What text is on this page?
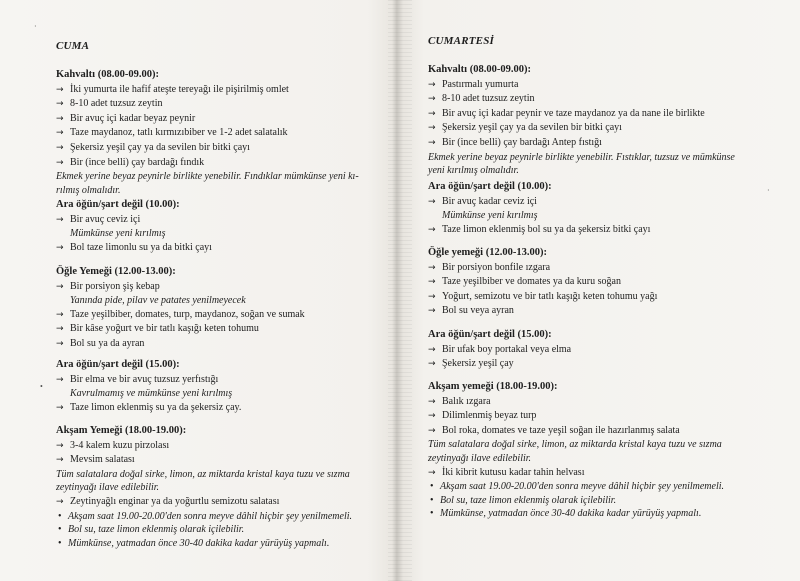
·
•
·
CUMA
Kahvaltı (08.00-09.00):
→ İki yumurta ile hafif ateşte tereyağı ile pişirilmiş omlet
→ 8-10 adet tuzsuz zeytin
→ Bir avuç içi kadar beyaz peynir
→ Taze maydanoz, tatlı kırmızıbiber ve 1-2 adet salatalık
→ Şekersiz yeşil çay ya da sevilen bir bitki çayı
→ Bir (ince belli) çay bardağı fındık
Ekmek yerine beyaz peynirle birlikte yenebilir. Fındıklar mümkünse yeni kı-
rılmış olmalıdır.
Ara öğün/şart değil (10.00):
→ Bir avuç ceviz içi
Mümkünse yeni kırılmış
→ Bol taze limonlu su ya da bitki çayı
Öğle Yemeği (12.00-13.00):
→ Bir porsiyon şiş kebap
Yanında pide, pilav ve patates yenilmeyecek
→ Taze yeşilbiber, domates, turp, maydanoz, soğan ve sumak
→ Bir kâse yoğurt ve bir tatlı kaşığı keten tohumu
→ Bol su ya da ayran
Ara öğün/şart değil (15.00):
→ Bir elma ve bir avuç tuzsuz yerfıstığı
Kavrulmamış ve mümkünse yeni kırılmış
→ Taze limon eklenmiş su ya da şekersiz çay.
Akşam Yemeği (18.00-19.00):
→ 3-4 kalem kuzu pirzolası
→ Mevsim salatası
Tüm salatalara doğal sirke, limon, az miktarda kristal kaya tuzu ve sızma
zeytinyağı ilave edilebilir.
→ Zeytinyağlı enginar ya da yoğurtlu semizotu salatası
• Akşam saat 19.00-20.00'den sonra meyve dâhil hiçbir şey yenilmemeli.
• Bol su, taze limon eklenmiş olarak içilebilir.
• Mümkünse, yatmadan önce 30-40 dakika kadar yürüyüş yapmalı.
CUMARTESİ
Kahvaltı (08.00-09.00):
→ Pastırmalı yumurta
→ 8-10 adet tuzsuz zeytin
→ Bir avuç içi kadar peynir ve taze maydanoz ya da nane ile birlikte
→ Şekersiz yeşil çay ya da sevilen bir bitki çayı
→ Bir (ince belli) çay bardağı Antep fıstığı
Ekmek yerine beyaz peynirle birlikte yenebilir. Fıstıklar, tuzsuz ve mümkünse
yeni kırılmış olmalıdır.
Ara öğün/şart değil (10.00):
→ Bir avuç kadar ceviz içi
Mümkünse yeni kırılmış
→ Taze limon eklenmiş bol su ya da şekersiz bitki çayı
Öğle yemeği (12.00-13.00):
→ Bir porsiyon bonfile ızgara
→ Taze yeşilbiber ve domates ya da kuru soğan
→ Yoğurt, semizotu ve bir tatlı kaşığı keten tohumu yağı
→ Bol su veya ayran
Ara öğün/şart değil (15.00):
→ Bir ufak boy portakal veya elma
→ Şekersiz yeşil çay
Akşam yemeği (18.00-19.00):
→ Balık ızgara
→ Dilimlenmiş beyaz turp
→ Bol roka, domates ve taze yeşil soğan ile hazırlanmış salata
Tüm salatalara doğal sirke, limon, az miktarda kristal kaya tuzu ve sızma
zeytinyağı ilave edilebilir.
→ İki kibrit kutusu kadar tahin helvası
• Akşam saat 19.00-20.00'den sonra meyve dâhil hiçbir şey yenilmemeli.
• Bol su, taze limon eklenmiş olarak içilebilir.
• Mümkünse, yatmadan önce 30-40 dakika kadar yürüyüş yapmalı.
